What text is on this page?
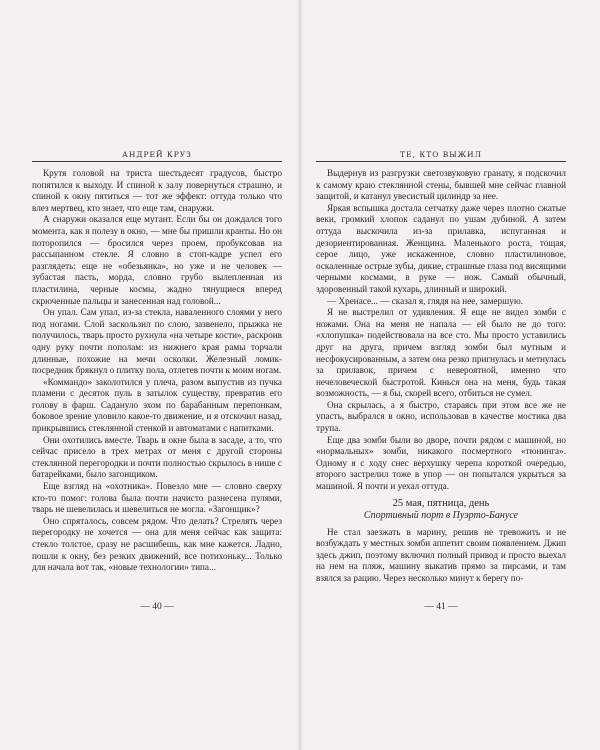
АНДРЕЙ КРУЗ

Крутя головой на триста шестьдесят градусов, быстро попятился к выходу. И спиной к залу повернуться страшно, и спиной к окну пятиться — тот же эффект: оттуда только что влез мертвец, кто знает, что еще там, снаружи.

А снаружи оказался еще мутант. Если бы он дождался того момента, как я полезу в окно, — мне бы пришли кранты. Но он поторопился — бросился через проем, пробуксовав на рассыпанном стекле. Я словно в стоп-кадре успел его разглядеть: еще не «обезьянка», но уже и не человек — зубастая пасть, морда, словно грубо вылепленная из пластилина, черные космы, жадно тянущиеся вперед скрюченные пальцы и занесенная над головой...

Он упал. Сам упал, из-за стекла, наваленного слоями у него под ногами. Слой заскользил по слою, зазвенело, прыжка не получилось, тварь просто рухнула «на четыре кости», раскроив одну руку почти пополам: из нижнего края рамы торчали длинные, похожие на мечи осколки. Железный ломик-посредник брякнул о плитку пола, отлетев почти к моим ногам.

«Коммандо» заколотился у плеча, разом выпустив из пучка пламени с десяток пуль в затылок существу, превратив его голову в фарш. Саданулo эхом по барабанным перепонкам, боковое зрение уловило какое-то движение, и я отскочил назад, прикрывшись стеклянной стенкой и автоматами с напитками.

Они охотились вместе. Тварь в окне была в засаде, а то, что сейчас присело в трех метрах от меня с другой стороны стеклянной перегородки и почти полностью скрылось в нише с батарейками, было загонщиком.

Еще взгляд на «охотника». Повезло мне — словно сверху кто-то помог: голова была почти начисто разнесена пулями, тварь не шевелилась и шевелиться не могла. «Загонщик»?

Оно спряталось, совсем рядом. Что делать? Стрелять через перегородку не хочется — она для меня сейчас как защита: стекло толстое, сразу не расшибешь, как мне кажется. Ладно, пошли к окну, без резких движений, все потихоньку... Только для начала вот так, «новые технологии» типа...

ТЕ, КТО ВЫЖИЛ

Выдернув из разгрузки светозвуковую гранату, я подскочил к самому краю стеклянной стены, бывшей мне сейчас главной защитой, и катанул увесистый цилиндр за нее.

Яркая вспышка достала сетчатку даже через плотно сжатые веки, громкий хлопок саданул по ушам дубиной. А затем оттуда выскочила из-за прилавка, испуганная и дезориентированная. Женщина. Маленького роста, тощая, серое лицо, уже искаженное, словно пластилиновое, оскаленные острые зубы, дикие, страшные глаза под висящими черными космами, в руке — нож. Самый обычный, здоровенный такой кухарь, длинный и широкий.

— Хренасе... — сказал я, глядя на нее, замершую.

Я не выстрелил от удивления. Я еще не видел зомби с ножами. Она на меня не напала — ей было не до того: «хлопушка» подействовала на все сто. Мы просто уставились друг на друга, причем взгляд зомби был мутным и несфокусированным, а затем она резко пригнулась и метнулась за прилавок, причем с невероятной, именно что нечеловеческой быстротой. Кинься она на меня, будь такая возможность, — я бы, скорей всего, отбиться не сумел.

Она скрылась, а я быстро, стараясь при этом все же не упасть, выбрался в окно, использовав в качестве мостика два трупа.

Еще два зомби были во дворе, почти рядом с машиной, но «нормальных» зомби, никакого посмертного «тюнинга». Одному я с ходу снес верхушку черепа короткой очередью, второго застрелил тоже в упор — он попытался укрыться за машиной. Я почти и уехал оттуда.

25 мая, пятница, день
Спортивный порт в Пуэрто-Банусе

Не стал заезжать в марину, решив не тревожить и не возбуждать у местных зомби аппетит своим появлением. Джип здесь джип, поэтому включил полный привод и просто выехал на нем на пляж, машину выкатив прямо за пирсами, и там взялся за рацию. Через несколько минут к берегу по-

— 40 —	— 41 —
